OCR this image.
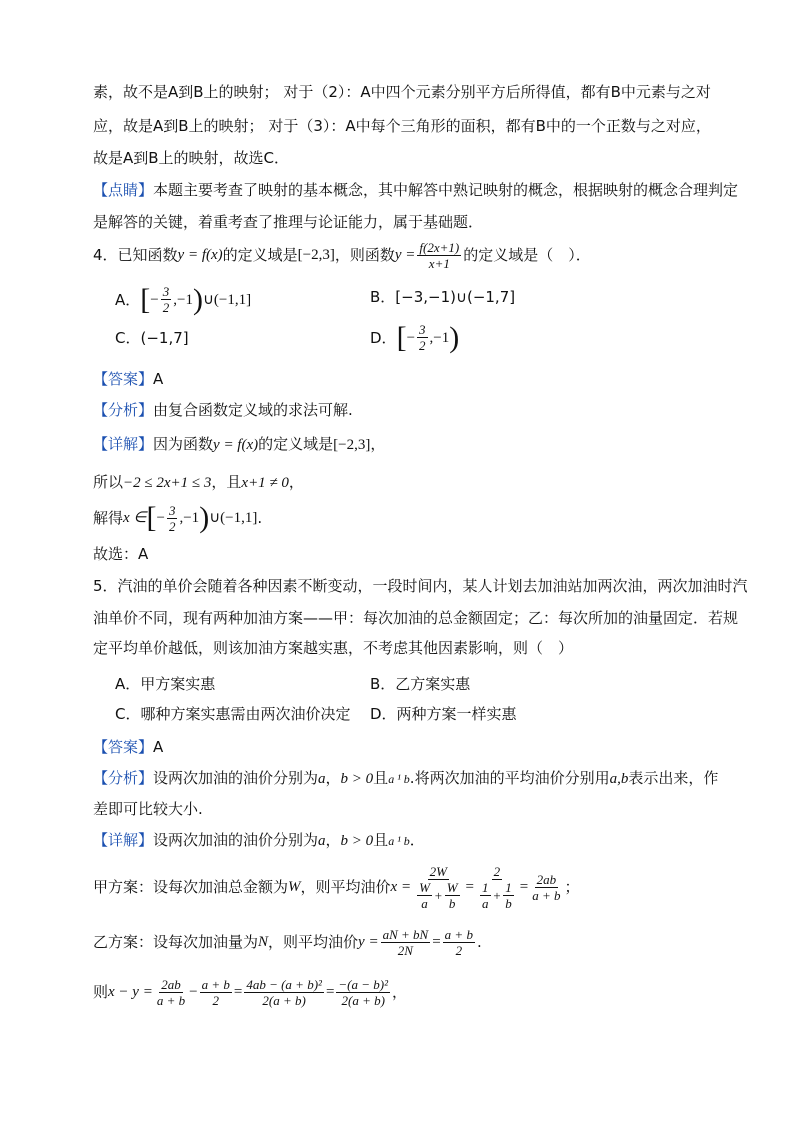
素，故不是A到B上的映射； 对于（2）：A中四个元素分别平方后所得值，都有B中元素与之对
应，故是A到B上的映射； 对于（3）：A中每个三角形的面积，都有B中的一个正数与之对应，
故是A到B上的映射，故选C．
【点睛】本题主要考查了映射的基本概念，其中解答中熟记映射的概念，根据映射的概念合理判定
是解答的关键，着重考查了推理与论证能力，属于基础题．
4．已知函数 y = f(x) 的定义域是 [−2,3] ，则函数 $y = \frac{f(2x+1)}{x+1}$ 的定义域是（　）．
A． [ − $\frac{3}{2} ,-1$ ) ∪(−1,1]	B．[−3,−1)∪(−1,7]
C．(−1,7]	D． [ − $\frac{3}{2} ,-1$ )
【答案】A
【分析】由复合函数定义域的求法可解.
【详解】因为函数y = f(x)的定义域是[−2,3]，
所以−2 ≤ 2x+1 ≤ 3，且x+1 ≠ 0，
解得 x ∈ [ − $\frac{3}{2} ,-1$ ) ∪(−1,1] .
故选：A
5．汽油的单价会随着各种因素不断变动，一段时间内，某人计划去加油站加两次油，两次加油时汽
油单价不同，现有两种加油方案——甲：每次加油的总金额固定；乙：每次所加的油量固定．若规
定平均单价越低，则该加油方案越实惠，不考虑其他因素影响，则（　）
A．甲方案实惠	B．乙方案实惠
C．哪种方案实惠需由两次油价决定 D．两种方案一样实惠
【答案】A
【分析】设两次加油的油价分别为a，b > 0且a ¹ b.将两次加油的平均油价分别用a,b表示出来，作
差即可比较大小.
【详解】设两次加油的油价分别为a，b > 0且a ¹ b．
甲方案：设每次加油总金额为 W ，则平均油价 $x = \frac{2W}{\frac{W}{a} + \frac{W}{b}} = \frac{2}{\frac{1}{a} + \frac{1}{b}} = \frac{2ab}{a + b}$ ；
乙方案：设每次加油量为 N ，则平均油价 $y = \frac{aN + bN}{2N} = \frac{a + b}{2}$ .
则 $x - y = \frac{2ab}{a + b} - \frac{a + b}{2} = \frac{\text{4ab − (a + b)²}}{2(a + b)} = \frac{\text{−(a − b)²}}{2(a + b)}$ ，
